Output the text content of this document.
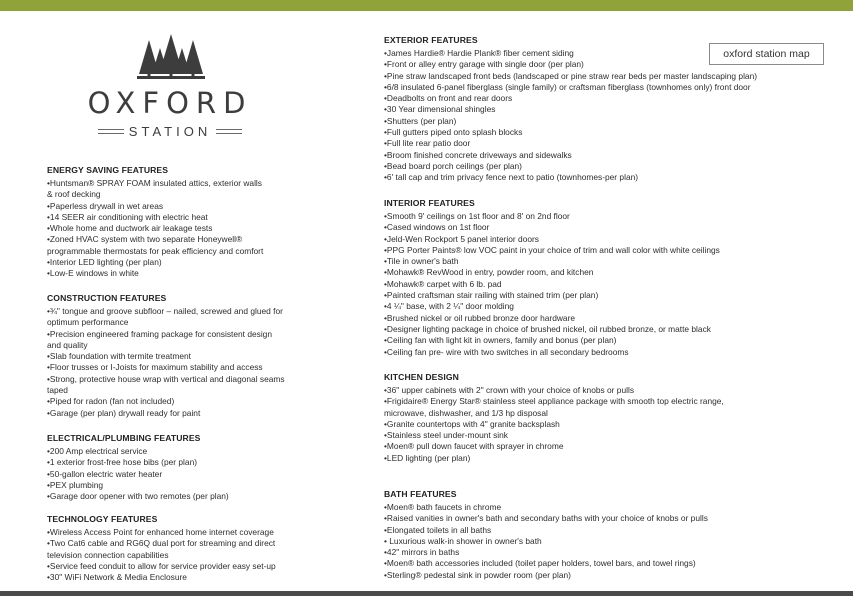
OXFORD
STATION
oxford station map
ENERGY SAVING FEATURES
•Huntsman® SPRAY FOAM insulated attics, exterior walls
& roof decking
•Paperless drywall in wet areas
•14 SEER air conditioning with electric heat
•Whole home and ductwork air leakage tests
•Zoned HVAC system with two separate Honeywell®
programmable thermostats for peak efficiency and comfort
•Interior LED lighting (per plan)
•Low-E windows in white
CONSTRUCTION FEATURES
•¾" tongue and groove subfloor – nailed, screwed and glued for
optimum performance
•Precision engineered framing package for consistent design
and quality
•Slab foundation with termite treatment
•Floor trusses or I-Joists for maximum stability and access
•Strong, protective house wrap with vertical and diagonal seams
taped
•Piped for radon (fan not included)
•Garage (per plan) drywall ready for paint
ELECTRICAL/PLUMBING FEATURES
•200 Amp electrical service
•1 exterior frost-free hose bibs (per plan)
•50-gallon electric water heater
•PEX plumbing
•Garage door opener with two remotes (per plan)
TECHNOLOGY FEATURES
•Wireless Access Point for enhanced home internet coverage
•Two Cat6 cable and RG6Q dual port for streaming and direct
television connection capabilities
•Service feed conduit to allow for service provider easy set-up
•30" WiFi Network & Media Enclosure
EXTERIOR FEATURES
•James Hardie® Hardie Plank® fiber cement siding
•Front or alley entry garage with single door (per plan)
•Pine straw landscaped front beds (landscaped or pine straw rear beds per master landscaping plan)
•6/8 insulated 6-panel fiberglass (single family) or craftsman fiberglass (townhomes only) front door
•Deadbolts on front and rear doors
•30 Year dimensional shingles
•Shutters (per plan)
•Full gutters piped onto splash blocks
•Full lite rear patio door
•Broom finished concrete driveways and sidewalks
•Bead board porch ceilings (per plan)
•6' tall cap and trim privacy fence next to patio (townhomes-per plan)
INTERIOR FEATURES
•Smooth 9' ceilings on 1st floor and 8' on 2nd floor
•Cased windows on 1st floor
•Jeld-Wen Rockport 5 panel interior doors
•PPG Porter Paints® low VOC paint in your choice of trim and wall color with white ceilings
•Tile in owner's bath
•Mohawk® RevWood in entry, powder room, and kitchen
•Mohawk® carpet with 6 lb. pad
•Painted craftsman stair railing with stained trim (per plan)
•4 ¼" base, with 2 ¼" door molding
•Brushed nickel or oil rubbed bronze door hardware
•Designer lighting package in choice of brushed nickel, oil rubbed bronze, or matte black
•Ceiling fan with light kit in owners, family and bonus (per plan)
•Ceiling fan pre- wire with two switches in all secondary bedrooms
KITCHEN DESIGN
•36" upper cabinets with 2" crown with your choice of knobs or pulls
•Frigidaire® Energy Star® stainless steel appliance package with smooth top electric range,
microwave, dishwasher, and 1/3 hp disposal
•Granite countertops with 4" granite backsplash
•Stainless steel under-mount sink
•Moen® pull down faucet with sprayer in chrome
•LED lighting (per plan)
BATH FEATURES
•Moen® bath faucets in chrome
•Raised vanities in owner's bath and secondary baths with your choice of knobs or pulls
•Elongated toilets in all baths
• Luxurious walk-in shower in owner's bath
•42" mirrors in baths
•Moen® bath accessories included (toilet paper holders, towel bars, and towel rings)
•Sterling® pedestal sink in powder room (per plan)
